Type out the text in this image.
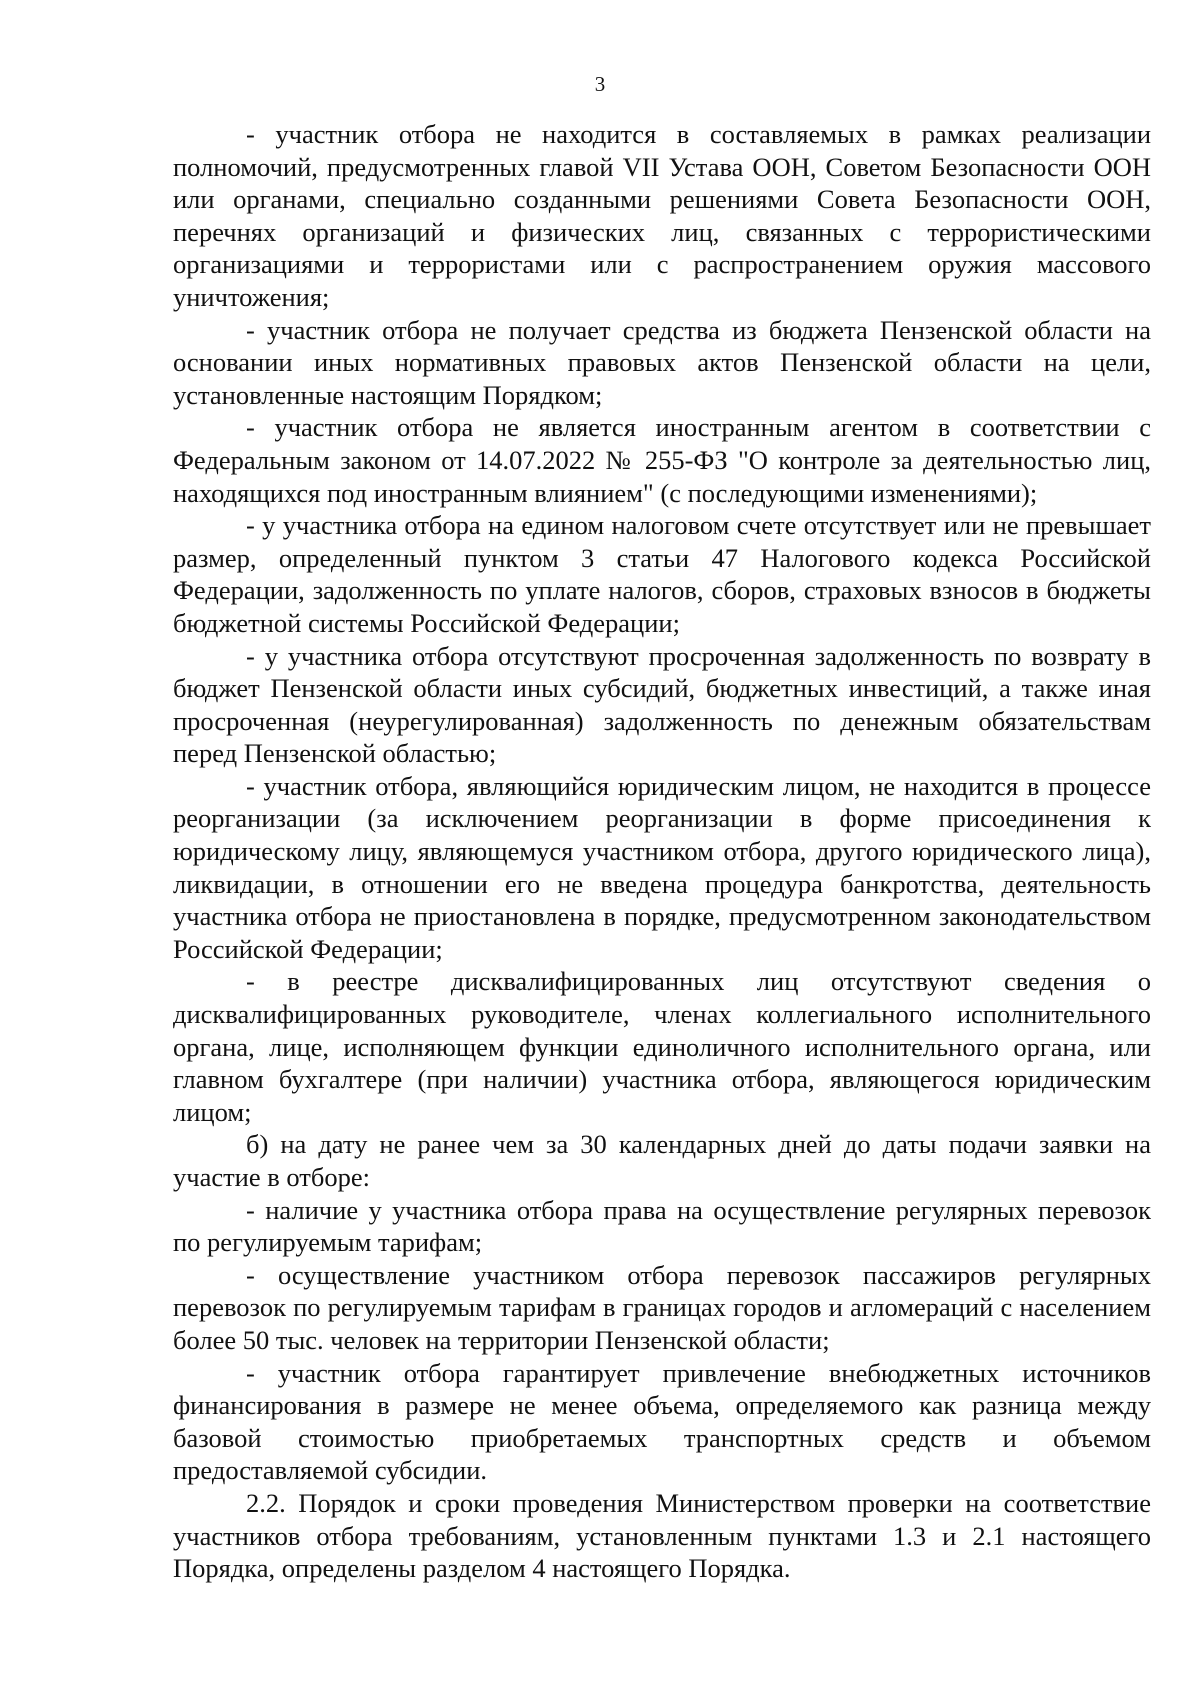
3

- участник отбора не находится в составляемых в рамках реализации полномочий, предусмотренных главой VII Устава ООН, Советом Безопасности ООН или органами, специально созданными решениями Совета Безопасности ООН, перечнях организаций и физических лиц, связанных с террористическими организациями и террористами или с распространением оружия массового уничтожения;

- участник отбора не получает средства из бюджета Пензенской области на основании иных нормативных правовых актов Пензенской области на цели, установленные настоящим Порядком;

- участник отбора не является иностранным агентом в соответствии с Федеральным законом от 14.07.2022 № 255-ФЗ "О контроле за деятельностью лиц, находящихся под иностранным влиянием" (с последующими изменениями);

- у участника отбора на едином налоговом счете отсутствует или не превышает размер, определенный пунктом 3 статьи 47 Налогового кодекса Российской Федерации, задолженность по уплате налогов, сборов, страховых взносов в бюджеты бюджетной системы Российской Федерации;

- у участника отбора отсутствуют просроченная задолженность по возврату в бюджет Пензенской области иных субсидий, бюджетных инвестиций, а также иная просроченная (неурегулированная) задолженность по денежным обязательствам перед Пензенской областью;

- участник отбора, являющийся юридическим лицом, не находится в процессе реорганизации (за исключением реорганизации в форме присоединения к юридическому лицу, являющемуся участником отбора, другого юридического лица), ликвидации, в отношении его не введена процедура банкротства, деятельность участника отбора не приостановлена в порядке, предусмотренном законодательством Российской Федерации;

- в реестре дисквалифицированных лиц отсутствуют сведения о дисквалифицированных руководителе, членах коллегиального исполнительного органа, лице, исполняющем функции единоличного исполнительного органа, или главном бухгалтере (при наличии) участника отбора, являющегося юридическим лицом;

б) на дату не ранее чем за 30 календарных дней до даты подачи заявки на участие в отборе:

- наличие у участника отбора права на осуществление регулярных перевозок по регулируемым тарифам;

- осуществление участником отбора перевозок пассажиров регулярных перевозок по регулируемым тарифам в границах городов и агломераций с населением более 50 тыс. человек на территории Пензенской области;

- участник отбора гарантирует привлечение внебюджетных источников финансирования в размере не менее объема, определяемого как разница между базовой стоимостью приобретаемых транспортных средств и объемом предоставляемой субсидии.

2.2. Порядок и сроки проведения Министерством проверки на соответствие участников отбора требованиям, установленным пунктами 1.3 и 2.1 настоящего Порядка, определены разделом 4 настоящего Порядка.
